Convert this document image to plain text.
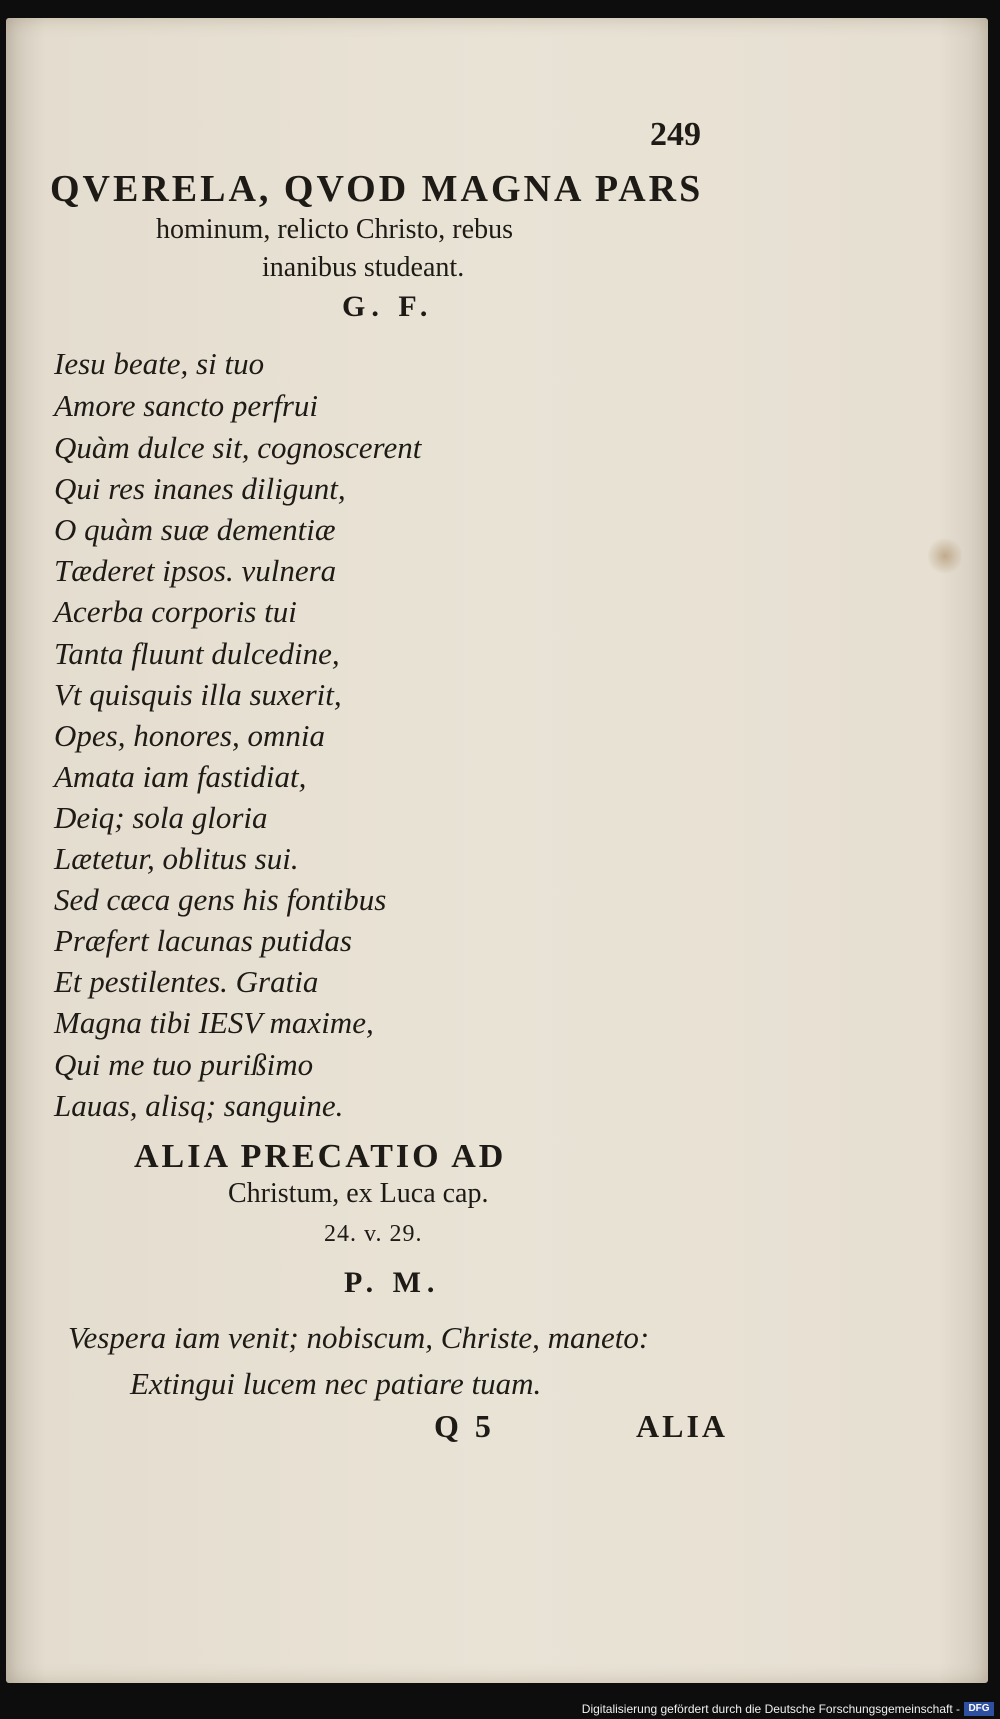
249

QVERELA, QVOD MAGNA PARS

hominum, relicto Christo, rebus

inanibus studeant.

G. F.

Iesu beate, si tuo

Amore sancto perfrui

Quàm dulce sit, cognoscerent

Qui res inanes diligunt,

O quàm suæ dementiæ

Tæderet ipsos. vulnera

Acerba corporis tui

Tanta fluunt dulcedine,

Vt quisquis illa suxerit,

Opes, honores, omnia

Amata iam fastidiat,

Deiq; sola gloria

Lætetur, oblitus sui.

Sed cæca gens his fontibus

Præfert lacunas putidas

Et pestilentes. Gratia

Magna tibi IESV maxime,

Qui me tuo purißimo

Lauas, alisq; sanguine.

ALIA PRECATIO AD

Christum, ex Luca cap.

24. v. 29.

P. M.

Vespera iam venit; nobiscum, Christe, maneto:

Extingui lucem nec patiare tuam.

Q 5	ALIA

Digitalisierung gefördert durch die Deutsche Forschungsgemeinschaft - DFG
